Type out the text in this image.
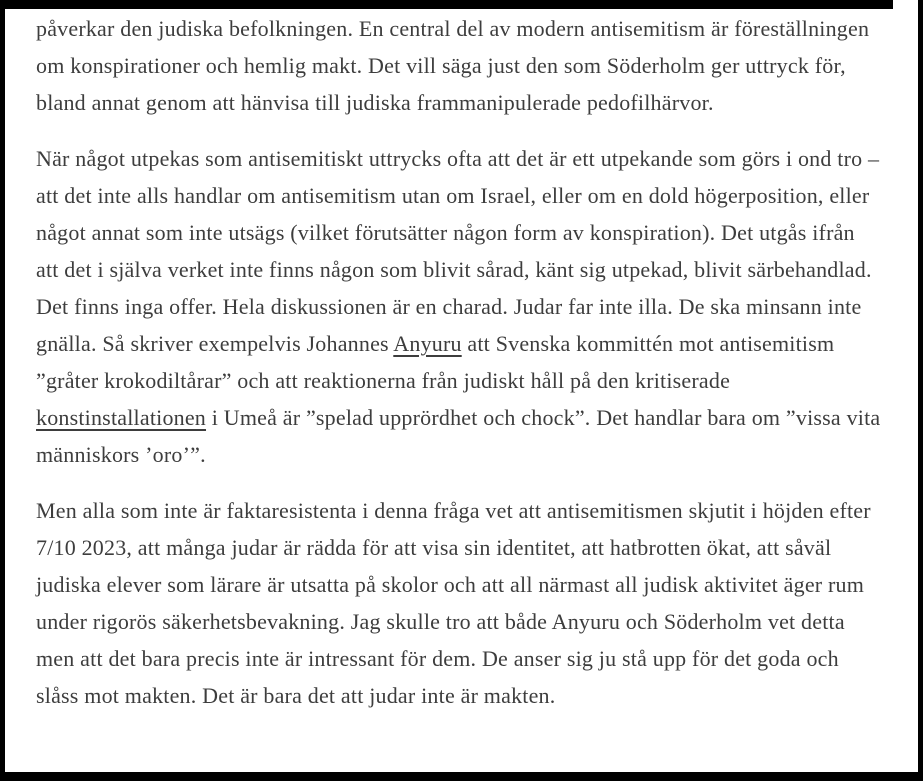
påverkar den judiska befolkningen. En central del av modern antisemitism är föreställningen om konspirationer och hemlig makt. Det vill säga just den som Söderholm ger uttryck för, bland annat genom att hänvisa till judiska frammanipulerade pedofilhärvor.

När något utpekas som antisemitiskt uttrycks ofta att det är ett utpekande som görs i ond tro – att det inte alls handlar om antisemitism utan om Israel, eller om en dold högerposition, eller något annat som inte utsägs (vilket förutsätter någon form av konspiration). Det utgås ifrån att det i själva verket inte finns någon som blivit sårad, känt sig utpekad, blivit särbehandlad. Det finns inga offer. Hela diskussionen är en charad. Judar far inte illa. De ska minsann inte gnälla. Så skriver exempelvis Johannes Anyuru att Svenska kommittén mot antisemitism ”gråter krokodiltårar” och att reaktionerna från judiskt håll på den kritiserade konstinstallationen i Umeå är ”spelad upprördhet och chock”. Det handlar bara om ”vissa vita människors ’oro’”.

Men alla som inte är faktaresistenta i denna fråga vet att antisemitismen skjutit i höjden efter 7/10 2023, att många judar är rädda för att visa sin identitet, att hatbrotten ökat, att såväl judiska elever som lärare är utsatta på skolor och att all närmast all judisk aktivitet äger rum under rigorös säkerhetsbevakning. Jag skulle tro att både Anyuru och Söderholm vet detta men att det bara precis inte är intressant för dem. De anser sig ju stå upp för det goda och slåss mot makten. Det är bara det att judar inte är makten.
